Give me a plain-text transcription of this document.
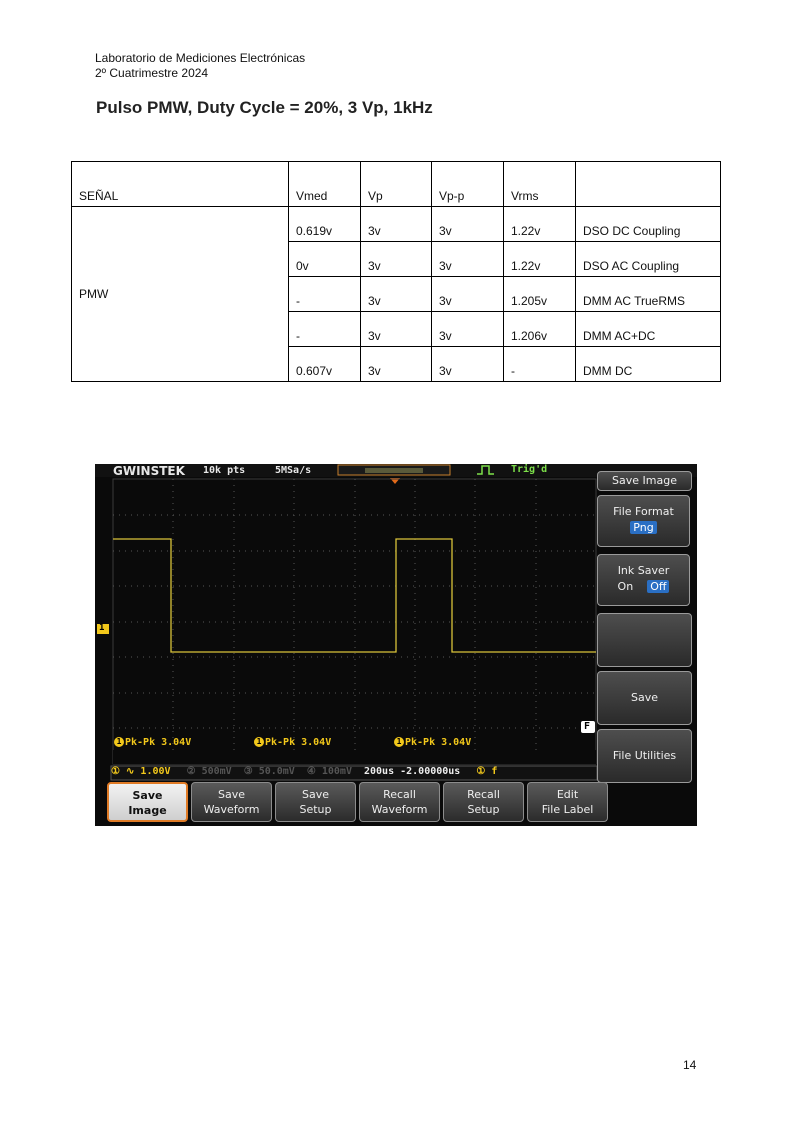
Laboratorio de Mediciones Electrónicas
2º Cuatrimestre 2024
Pulso PMW, Duty Cycle = 20%, 3 Vp, 1kHz
SEÑAL	Vmed	Vp	Vp-p	Vrms	
PMW	0.619v	3v	3v	1.22v	DSO DC Coupling
	0v	3v	3v	1.22v	DSO AC Coupling
	-	3v	3v	1.205v	DMM AC TrueRMS
	-	3v	3v	1.206v	DMM AC+DC
	0.607v	3v	3v	-	DMM DC
GWINSTEK 10k pts	5MSa/s	Trig'd
1
F
1 Pk-Pk 3.04V	1 Pk-Pk 3.04V	1 Pk-Pk 3.04V
① ∿ 1.00V ② 500mV ③ 50.0mV ④ 100mV 200us -2.00000us ① f
Save Image
File Format
Png
Ink Saver
On Off
Save
File Utilities
Save
Image
Save
Waveform
Save
Setup
Recall
Waveform
Recall
Setup
Edit
File Label
14
